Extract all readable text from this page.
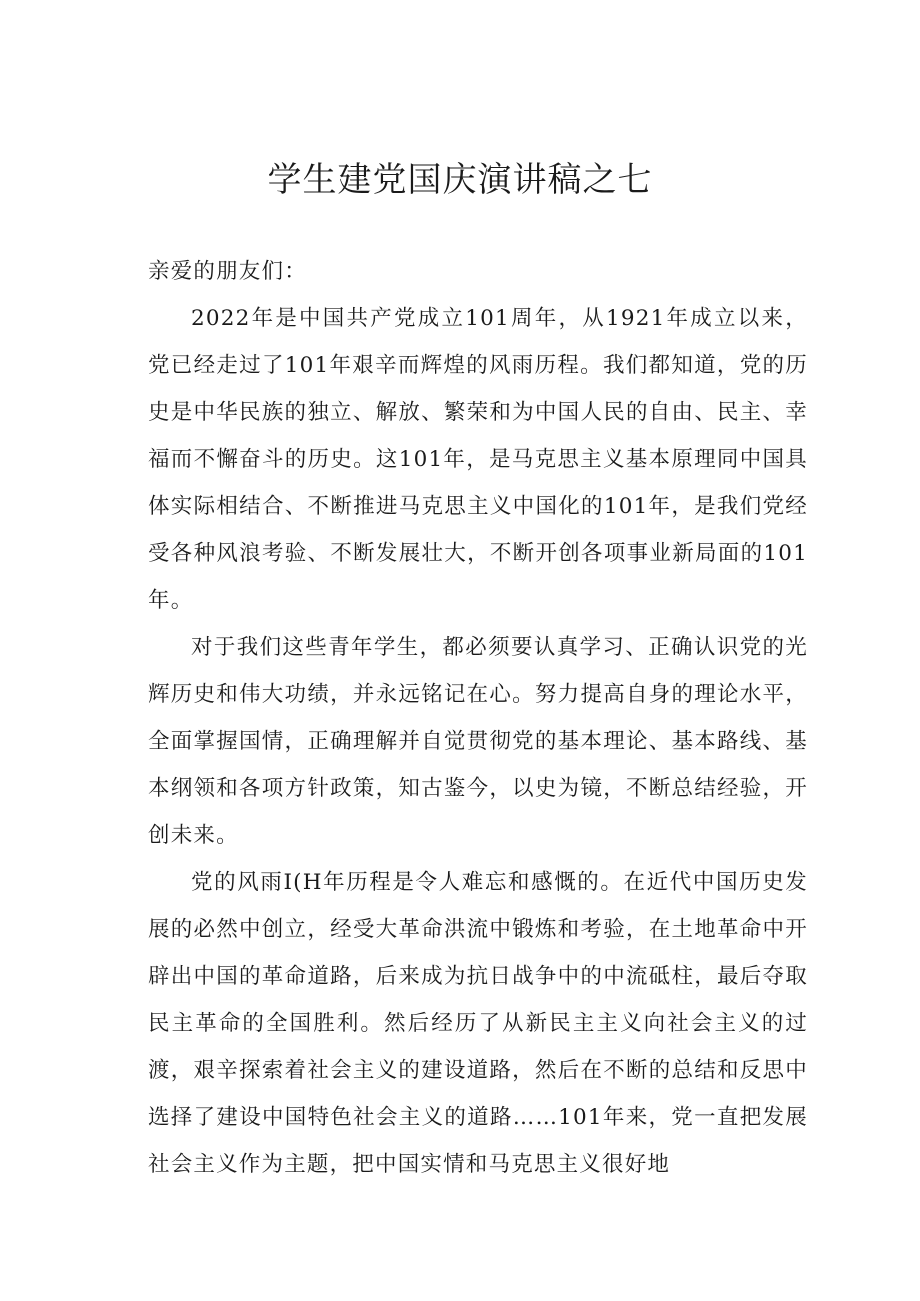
学生建党国庆演讲稿之七

亲爱的朋友们：

2022年是中国共产党成立101周年，从1921年成立以来，党已经走过了101年艰辛而辉煌的风雨历程。我们都知道，党的历史是中华民族的独立、解放、繁荣和为中国人民的自由、民主、幸福而不懈奋斗的历史。这101年，是马克思主义基本原理同中国具体实际相结合、不断推进马克思主义中国化的101年，是我们党经受各种风浪考验、不断发展壮大，不断开创各项事业新局面的101年。

对于我们这些青年学生，都必须要认真学习、正确认识党的光辉历史和伟大功绩，并永远铭记在心。努力提高自身的理论水平，全面掌握国情，正确理解并自觉贯彻党的基本理论、基本路线、基本纲领和各项方针政策，知古鉴今，以史为镜，不断总结经验，开创未来。

党的风雨I(H年历程是令人难忘和感慨的。在近代中国历史发展的必然中创立，经受大革命洪流中锻炼和考验，在土地革命中开辟出中国的革命道路，后来成为抗日战争中的中流砥柱，最后夺取民主革命的全国胜利。然后经历了从新民主主义向社会主义的过渡，艰辛探索着社会主义的建设道路，然后在不断的总结和反思中选择了建设中国特色社会主义的道路……101年来，党一直把发展社会主义作为主题，把中国实情和马克思主义很好地
